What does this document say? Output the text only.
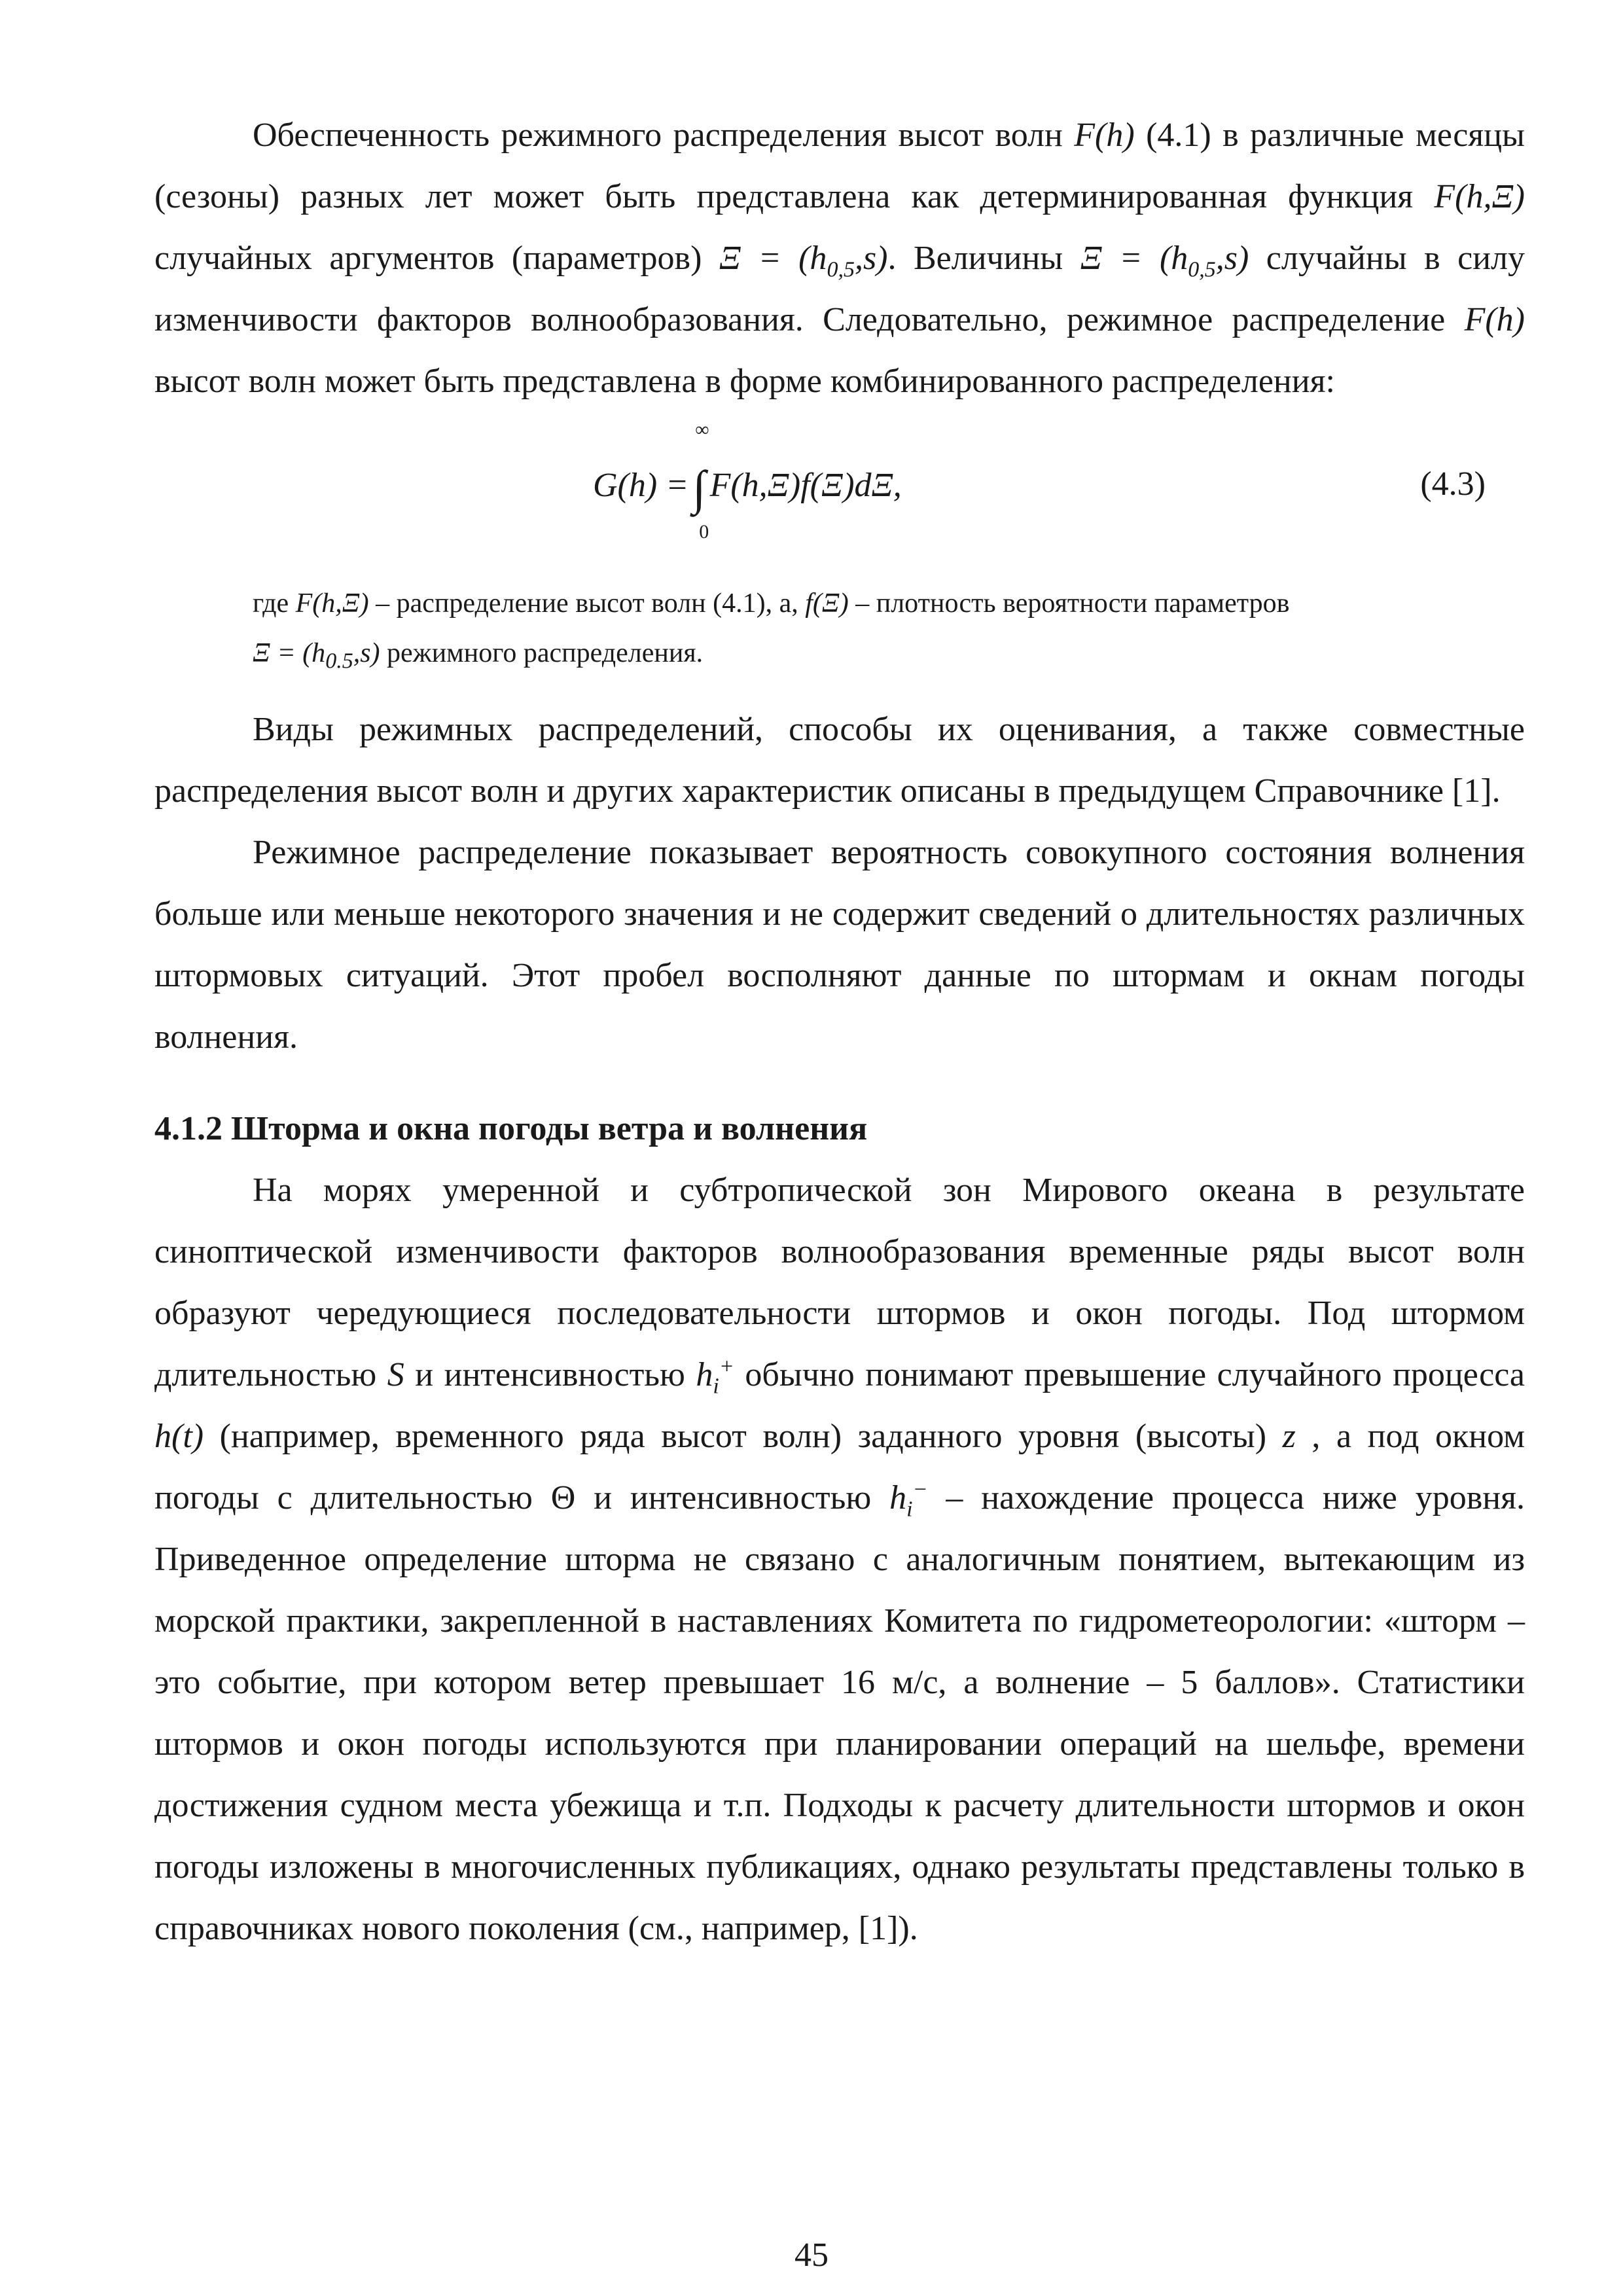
Обеспеченность режимного распределения высот волн F(h) (4.1) в различные месяцы (сезоны) разных лет может быть представлена как детерминированная функция F(h,Ξ) случайных аргументов (параметров) $\Xi = (h_{0,5},s)$. Величины $\Xi = (h_{0,5},s)$ случайны в силу изменчивости факторов волнообразования. Следовательно, режимное распределение F(h) высот волн может быть представлена в форме комбинированного распределения:

G(h) =∫
∞
0
F(h,Ξ)f(Ξ)dΞ,	(4.3)
где F(h,Ξ) – распределение высот волн (4.1), а, f(Ξ) – плотность вероятности параметров
$\Xi = (h_{0.5},s)$ режимного распределения.

Виды режимных распределений, способы их оценивания, а также совместные распределения высот волн и других характеристик описаны в предыдущем Справочнике [1].

Режимное распределение показывает вероятность совокупного состояния волнения больше или меньше некоторого значения и не содержит сведений о длительностях различных штормовых ситуаций. Этот пробел восполняют данные по штормам и окнам погоды волнения.

4.1.2 Шторма и окна погоды ветра и волнения

На морях умеренной и субтропической зон Мирового океана в результате синоптической изменчивости факторов волнообразования временные ряды высот волн образуют чередующиеся последовательности штормов и окон погоды. Под штормом длительностью S и интенсивностью $h_i^+$ обычно понимают превышение случайного процесса h(t) (например, временного ряда высот волн) заданного уровня (высоты) z , а под окном погоды с длительностью Θ и интенсивностью $h_i^-$ – нахождение процесса ниже уровня. Приведенное определение шторма не связано с аналогичным понятием, вытекающим из морской практики, закрепленной в наставлениях Комитета по гидрометеорологии: «шторм – это событие, при котором ветер превышает 16 м/с, а волнение – 5 баллов». Статистики штормов и окон погоды используются при планировании операций на шельфе, времени достижения судном места убежища и т.п. Подходы к расчету длительности штормов и окон погоды изложены в многочисленных публикациях, однако результаты представлены только в справочниках нового поколения (см., например, [1]).

45
